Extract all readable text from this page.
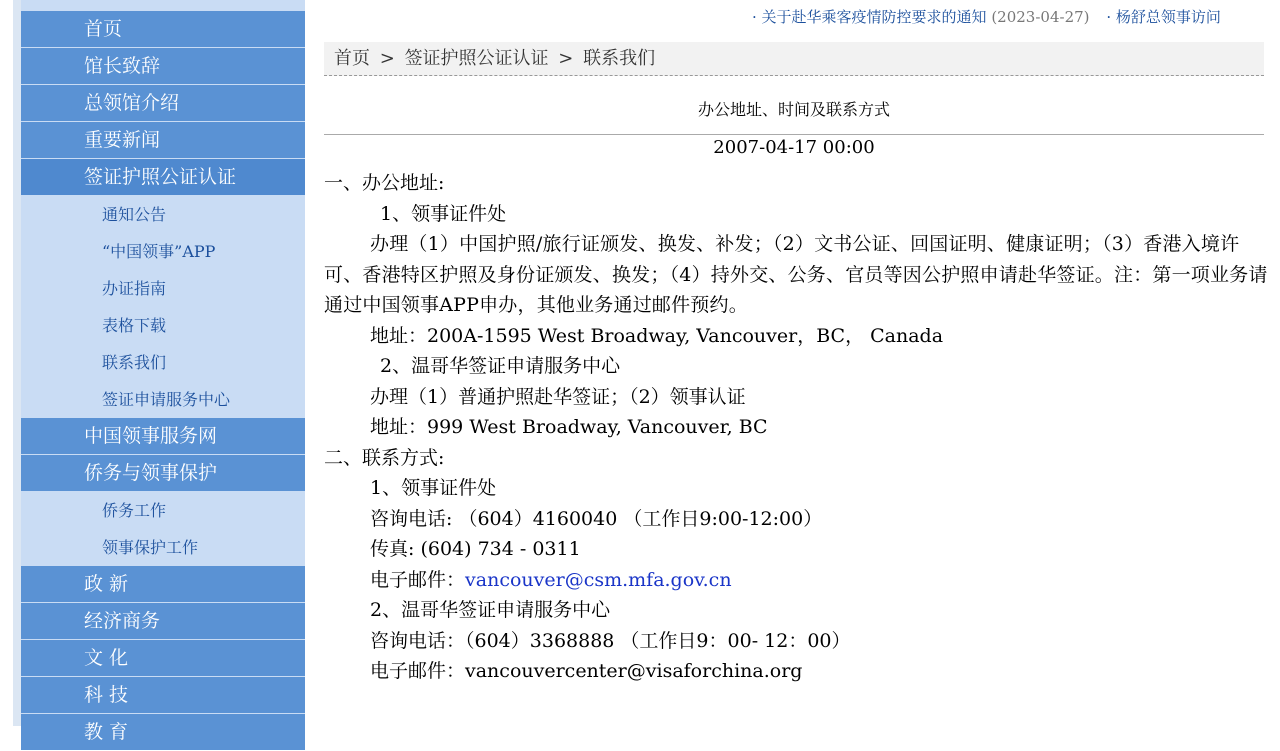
首页
馆长致辞
总领馆介绍
重要新闻
签证护照公证认证
通知公告
“中国领事”APP
办证指南
表格下载
联系我们
签证申请服务中心
中国领事服务网
侨务与领事保护
侨务工作
领事保护工作
政 新
经济商务
文 化
科 技
教 育
· 关于赴华乘客疫情防控要求的通知 (2023-04-27) · 杨舒总领事访问
首页 > 签证护照公证认证 > 联系我们
办公地址、时间及联系方式
2007-04-17 00:00

一、办公地址:

1、领事证件处

办理（1）中国护照/旅行证颁发、换发、补发；（2）文书公证、回国证明、健康证明；（3）香港入境许可、香港特区护照及身份证颁发、换发；（4）持外交、公务、官员等因公护照申请赴华签证。注：第一项业务请通过中国领事APP申办，其他业务通过邮件预约。

地址：200A-1595 West Broadway, Vancouver，BC， Canada

2、温哥华签证申请服务中心

办理（1）普通护照赴华签证；（2）领事认证

地址：999 West Broadway, Vancouver, BC

二、联系方式:

1、领事证件处

咨询电话: （604）4160040 （工作日9:00-12:00）

传真: (604) 734 - 0311

电子邮件：vancouver@csm.mfa.gov.cn

2、温哥华签证申请服务中心

咨询电话：（604）3368888 （工作日9：00- 12：00）

电子邮件：vancouvercenter@visaforchina.org
